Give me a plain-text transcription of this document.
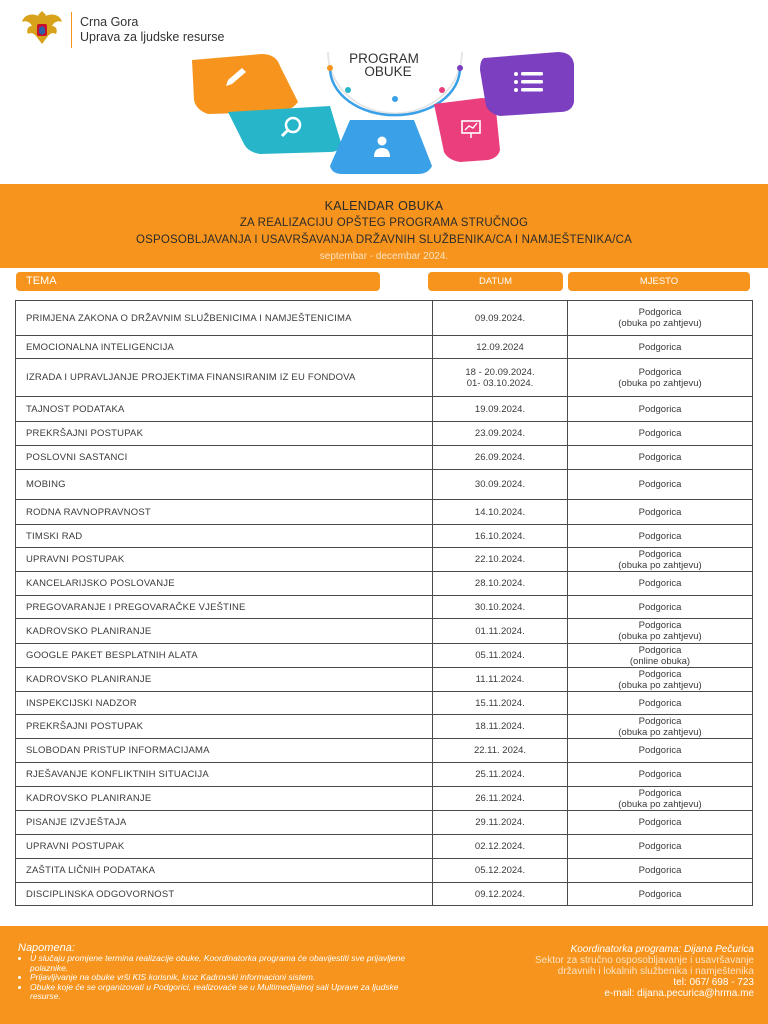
Crna Gora
Uprava za ljudske resurse
PROGRAM
OBUKE
KALENDAR OBUKA
ZA REALIZACIJU OPŠTEG PROGRAMA STRUČNOG
OSPOSOBLJAVANJA I USAVRŠAVANJA DRŽAVNIH SLUŽBENIKA/CA I NAMJEŠTENIKA/CA
septembar - decembar 2024.
TEMA	DATUM	MJESTO
PRIMJENA ZAKONA O DRŽAVNIM SLUŽBENICIMA I NAMJEŠTENICIMA	09.09.2024.	Podgorica
(obuka po zahtjevu)
EMOCIONALNA INTELIGENCIJA	12.09.2024	Podgorica
IZRADA I UPRAVLJANJE PROJEKTIMA FINANSIRANIM IZ EU FONDOVA	18 - 20.09.2024.
01- 03.10.2024.	Podgorica
(obuka po zahtjevu)
TAJNOST PODATAKA	19.09.2024.	Podgorica
PREKRŠAJNI POSTUPAK	23.09.2024.	Podgorica
POSLOVNI SASTANCI	26.09.2024.	Podgorica
MOBING	30.09.2024.	Podgorica
RODNA RAVNOPRAVNOST	14.10.2024.	Podgorica
TIMSKI RAD	16.10.2024.	Podgorica
UPRAVNI POSTUPAK	22.10.2024.	Podgorica
(obuka po zahtjevu)
KANCELARIJSKO POSLOVANJE	28.10.2024.	Podgorica
PREGOVARANJE I PREGOVARAČKE VJEŠTINE	30.10.2024.	Podgorica
KADROVSKO PLANIRANJE	01.11.2024.	Podgorica
(obuka po zahtjevu)
GOOGLE PAKET BESPLATNIH ALATA	05.11.2024.	Podgorica
(online obuka)
KADROVSKO PLANIRANJE	11.11.2024.	Podgorica
(obuka po zahtjevu)
INSPEKCIJSKI NADZOR	15.11.2024.	Podgorica
PREKRŠAJNI POSTUPAK	18.11.2024.	Podgorica
(obuka po zahtjevu)
SLOBODAN PRISTUP INFORMACIJAMA	22.11. 2024.	Podgorica
RJEŠAVANJE KONFLIKTNIH SITUACIJA	25.11.2024.	Podgorica
KADROVSKO PLANIRANJE	26.11.2024.	Podgorica
(obuka po zahtjevu)
PISANJE IZVJEŠTAJA	29.11.2024.	Podgorica
UPRAVNI POSTUPAK	02.12.2024.	Podgorica
ZAŠTITA LIČNIH PODATAKA	05.12.2024.	Podgorica
DISCIPLINSKA ODGOVORNOST	09.12.2024.	Podgorica
Napomena:
• U slučaju promjene termina realizacije obuke, Koordinatorka programa će obavijestiti sve prijavljene polaznike.
• Prijavljivanje na obuke vrši KIS korisnik, kroz Kadrovski informacioni sistem.
• Obuke koje će se organizovati u Podgorici, realizovaće se u Multimedijalnoj sali Uprave za ljudske resurse.
Koordinatorka programa: Dijana Pečurica
Sektor za stručno osposobljavanje i usavršavanje
državnih i lokalnih službenika i namještenika
tel: 067/ 698 - 723
e-mail: dijana.pecurica@hrma.me
